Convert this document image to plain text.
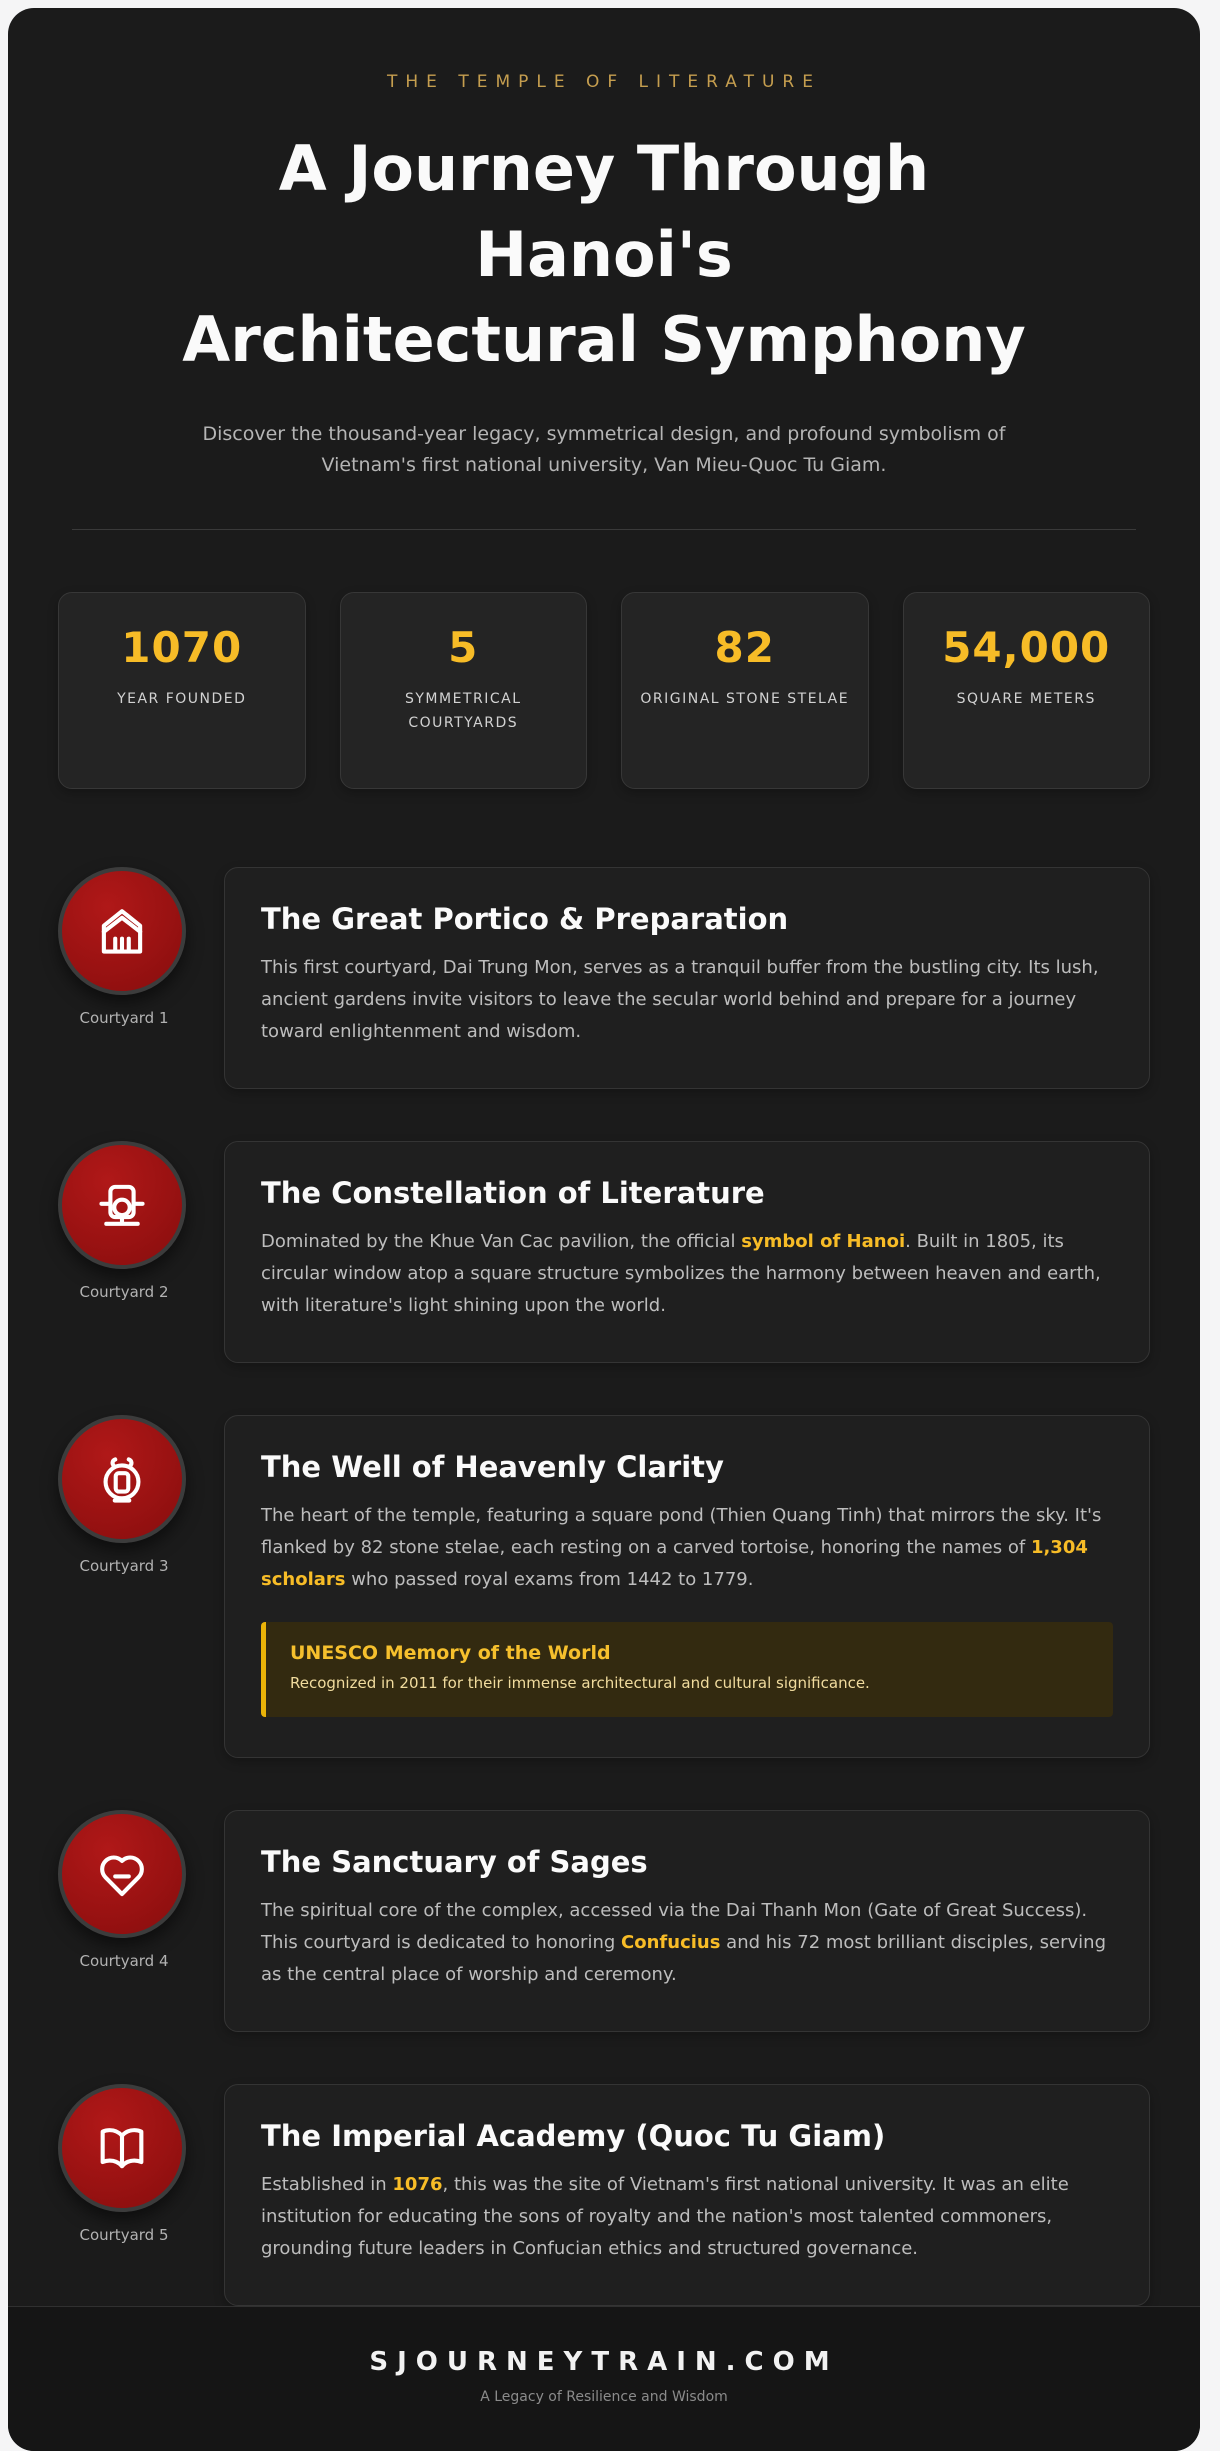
THE TEMPLE OF LITERATURE
A Journey Through
Hanoi's
Architectural Symphony

Discover the thousand-year legacy, symmetrical design, and profound symbolism of Vietnam's first national university, Van Mieu-Quoc Tu Giam.

1070
YEAR FOUNDED
5
SYMMETRICAL COURTYARDS
82
ORIGINAL STONE STELAE
54,000
SQUARE METERS
Courtyard 1
The Great Portico & Preparation

This first courtyard, Dai Trung Mon, serves as a tranquil buffer from the bustling city. Its lush, ancient gardens invite visitors to leave the secular world behind and prepare for a journey toward enlightenment and wisdom.

Courtyard 2
The Constellation of Literature

Dominated by the Khue Van Cac pavilion, the official symbol of Hanoi. Built in 1805, its circular window atop a square structure symbolizes the harmony between heaven and earth, with literature's light shining upon the world.

Courtyard 3
The Well of Heavenly Clarity

The heart of the temple, featuring a square pond (Thien Quang Tinh) that mirrors the sky. It's flanked by 82 stone stelae, each resting on a carved tortoise, honoring the names of 1,304 scholars who passed royal exams from 1442 to 1779.

UNESCO Memory of the World
Recognized in 2011 for their immense architectural and cultural significance.
Courtyard 4
The Sanctuary of Sages

The spiritual core of the complex, accessed via the Dai Thanh Mon (Gate of Great Success). This courtyard is dedicated to honoring Confucius and his 72 most brilliant disciples, serving as the central place of worship and ceremony.

Courtyard 5
The Imperial Academy (Quoc Tu Giam)

Established in 1076, this was the site of Vietnam's first national university. It was an elite institution for educating the sons of royalty and the nation's most talented commoners, grounding future leaders in Confucian ethics and structured governance.

SJOURNEYTRAIN.COM
A Legacy of Resilience and Wisdom
